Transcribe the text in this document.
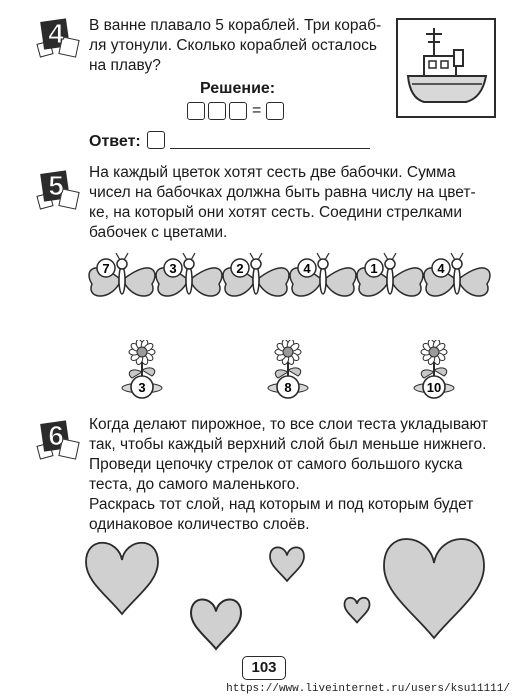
4 В ванне плавало 5 кораблей. Три кораб-
ля утонули. Сколько кораблей осталось
на плаву?
Решение:
=
Ответ:
5 На каждый цветок хотят сесть две бабочки. Сумма
чисел на бабочках должна быть равна числу на цвет-
ке, на который они хотят сесть. Соедини стрелками
бабочек с цветами.
7	3	2	4	1	4
3	8	10
6 Когда делают пирожное, то все слои теста укладывают
так, чтобы каждый верхний слой был меньше нижнего.
Проведи цепочку стрелок от самого большого куска
теста, до самого маленького.
Раскрась тот слой, над которым и под которым будет
одинаковое количество слоёв.
103
https://www.liveinternet.ru/users/ksu11111/
